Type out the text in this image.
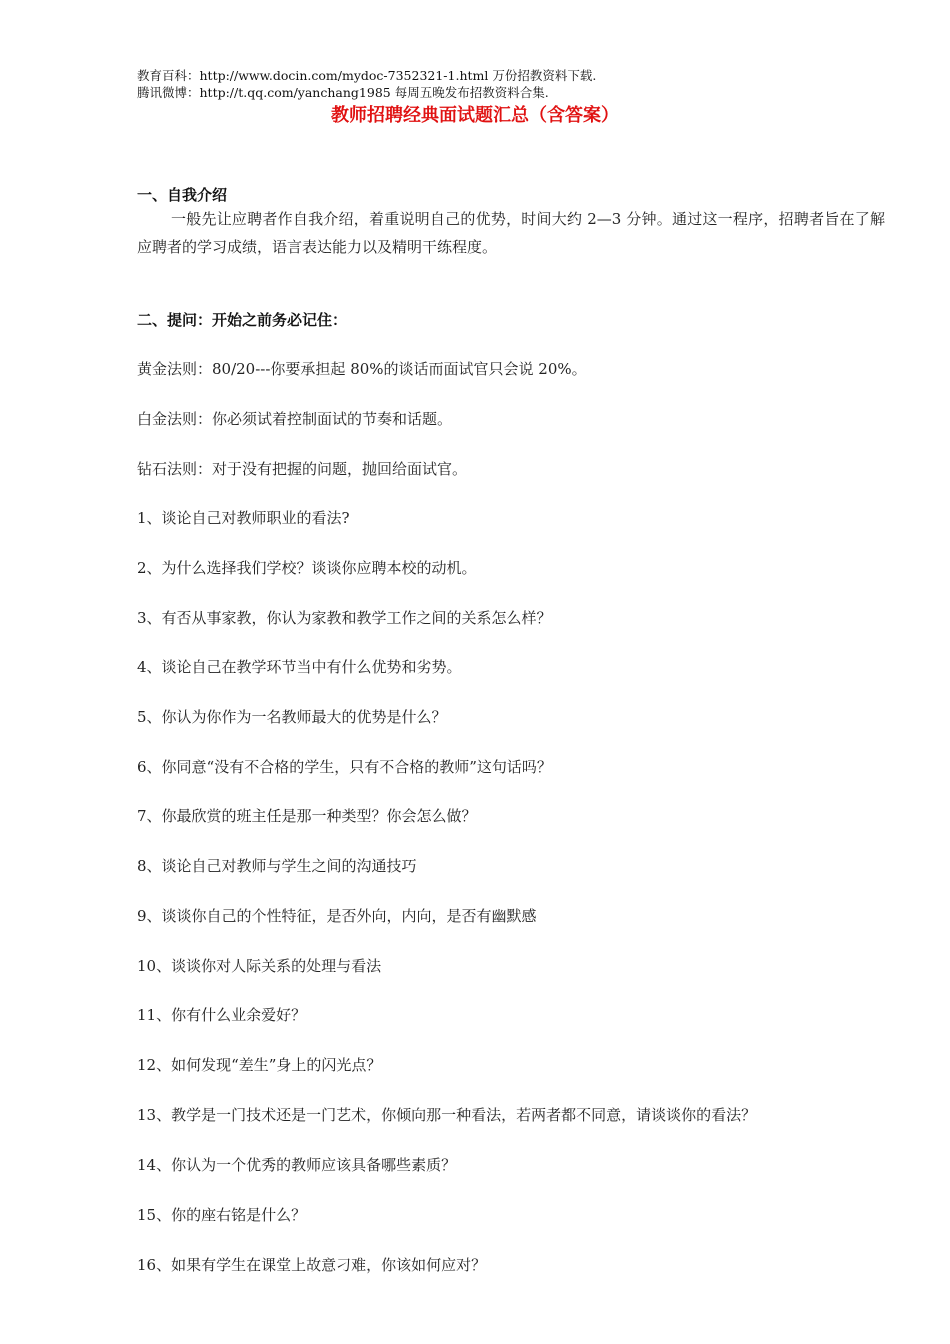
教育百科：http://www.docin.com/mydoc-7352321-1.html 万份招教资料下载.
腾讯微博：http://t.qq.com/yanchang1985 每周五晚发布招教资料合集.
教师招聘经典面试题汇总（含答案）
一、自我介绍
一般先让应聘者作自我介绍，着重说明自己的优势，时间大约 2—3 分钟。通过这一程序，招聘者旨在了解应聘者的学习成绩，语言表达能力以及精明干练程度。
二、提问：开始之前务必记住：
黄金法则：80/20---你要承担起 80%的谈话而面试官只会说 20%。
白金法则：你必须试着控制面试的节奏和话题。
钻石法则：对于没有把握的问题，抛回给面试官。
1、谈论自己对教师职业的看法?
2、为什么选择我们学校？谈谈你应聘本校的动机。
3、有否从事家教，你认为家教和教学工作之间的关系怎么样？
4、谈论自己在教学环节当中有什么优势和劣势。
5、你认为你作为一名教师最大的优势是什么？
6、你同意“没有不合格的学生，只有不合格的教师”这句话吗？
7、你最欣赏的班主任是那一种类型？你会怎么做？
8、谈论自己对教师与学生之间的沟通技巧
9、谈谈你自己的个性特征，是否外向，内向，是否有幽默感
10、谈谈你对人际关系的处理与看法
11、你有什么业余爱好？
12、如何发现“差生”身上的闪光点？
13、教学是一门技术还是一门艺术，你倾向那一种看法，若两者都不同意，请谈谈你的看法？
14、你认为一个优秀的教师应该具备哪些素质？
15、你的座右铭是什么？
16、如果有学生在课堂上故意刁难，你该如何应对？
